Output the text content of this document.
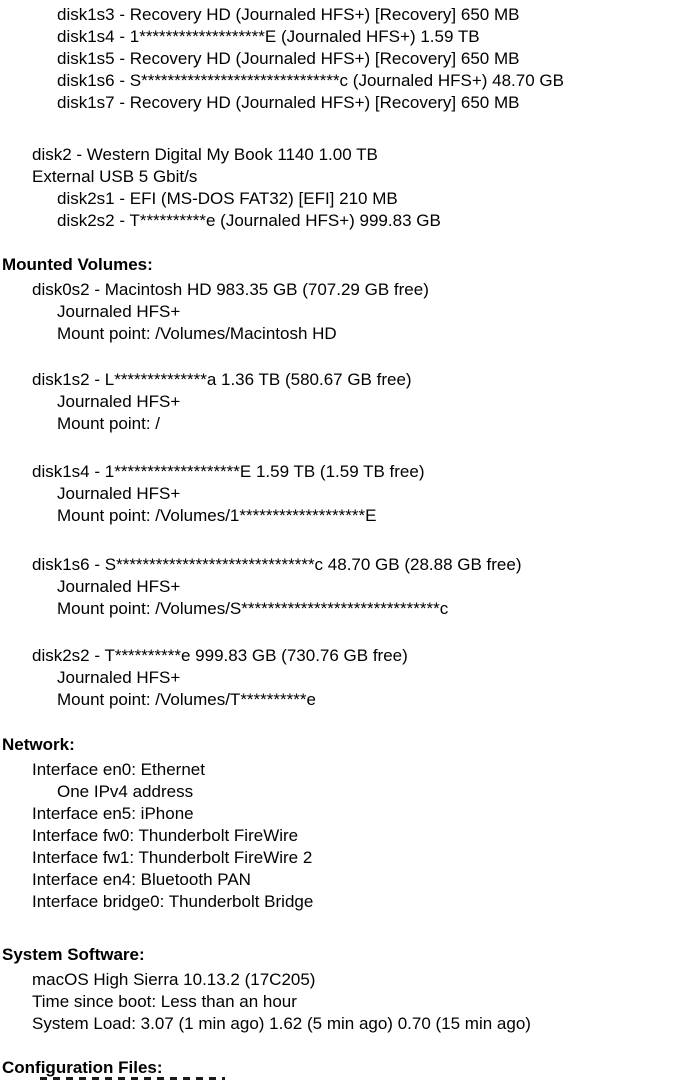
disk1s3 - Recovery HD (Journaled HFS+) [Recovery] 650 MB
disk1s4 - 1*******************E (Journaled HFS+) 1.59 TB
disk1s5 - Recovery HD (Journaled HFS+) [Recovery] 650 MB
disk1s6 - S******************************c (Journaled HFS+) 48.70 GB
disk1s7 - Recovery HD (Journaled HFS+) [Recovery] 650 MB
disk2 - Western Digital My Book 1140 1.00 TB
External USB 5 Gbit/s
disk2s1 - EFI (MS-DOS FAT32) [EFI] 210 MB
disk2s2 - T**********e (Journaled HFS+) 999.83 GB
Mounted Volumes:
disk0s2 - Macintosh HD 983.35 GB (707.29 GB free)
Journaled HFS+
Mount point: /Volumes/Macintosh HD
disk1s2 - L**************a 1.36 TB (580.67 GB free)
Journaled HFS+
Mount point: /
disk1s4 - 1*******************E 1.59 TB (1.59 TB free)
Journaled HFS+
Mount point: /Volumes/1*******************E
disk1s6 - S******************************c 48.70 GB (28.88 GB free)
Journaled HFS+
Mount point: /Volumes/S******************************c
disk2s2 - T**********e 999.83 GB (730.76 GB free)
Journaled HFS+
Mount point: /Volumes/T**********e
Network:
Interface en0: Ethernet
One IPv4 address
Interface en5: iPhone
Interface fw0: Thunderbolt FireWire
Interface fw1: Thunderbolt FireWire 2
Interface en4: Bluetooth PAN
Interface bridge0: Thunderbolt Bridge
System Software:
macOS High Sierra 10.13.2 (17C205)
Time since boot: Less than an hour
System Load: 3.07 (1 min ago) 1.62 (5 min ago) 0.70 (15 min ago)
Configuration Files:
